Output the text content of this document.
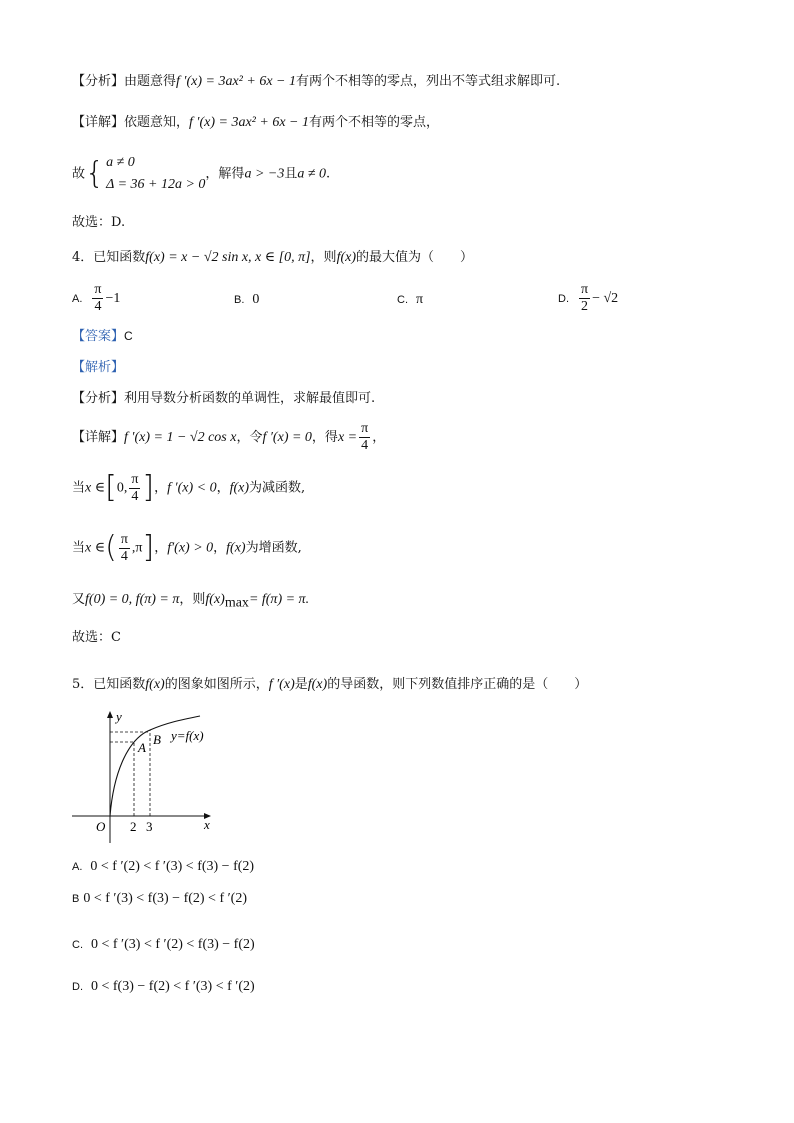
【分析】由题意得f ′(x) = 3ax² + 6x − 1有两个不相等的零点，列出不等式组求解即可.
【详解】依题意知，f ′(x) = 3ax² + 6x − 1有两个不相等的零点，
故{ a ≠ 0
Δ = 36 + 12a > 0
，解得a > −3且a ≠ 0.
故选：D.
4．已知函数f(x) = x − √2 sin x, x ∈ [0, π]，则f(x)的最大值为（　　）
A. $\frac{\pi}{4} -1$	B. 0	C. π	D. $\frac{\pi}{2} - √2$
【答案】C
【解析】
【分析】利用导数分析函数的单调性，求解最值即可.
【详解】f ′(x) = 1 − √2 cos x，令f ′(x) = 0，得$x = \frac{\pi}{4}$ ，
当x ∈[0, $\frac{\pi}{4}$ ]，f ′(x) < 0，f(x)为减函数,
当x ∈( $\frac{\pi}{4} ,\pi$]，f′(x) > 0，f(x)为增函数,
又f(0) = 0, f(π) = π，则$f(x)_{max}= f(\pi) = \pi$.
故选：C
5．已知函数f(x)的图象如图所示，f ′(x)是f(x)的导函数，则下列数值排序正确的是（　　）
y
x
O 2 3
A
B y=f(x)
A. 0 < f ′(2) < f ′(3) < f(3) − f(2)
B 0 < f ′(3) < f(3) − f(2) < f ′(2)
C. 0 < f ′(3) < f ′(2) < f(3) − f(2)
D. 0 < f(3) − f(2) < f ′(3) < f ′(2)
